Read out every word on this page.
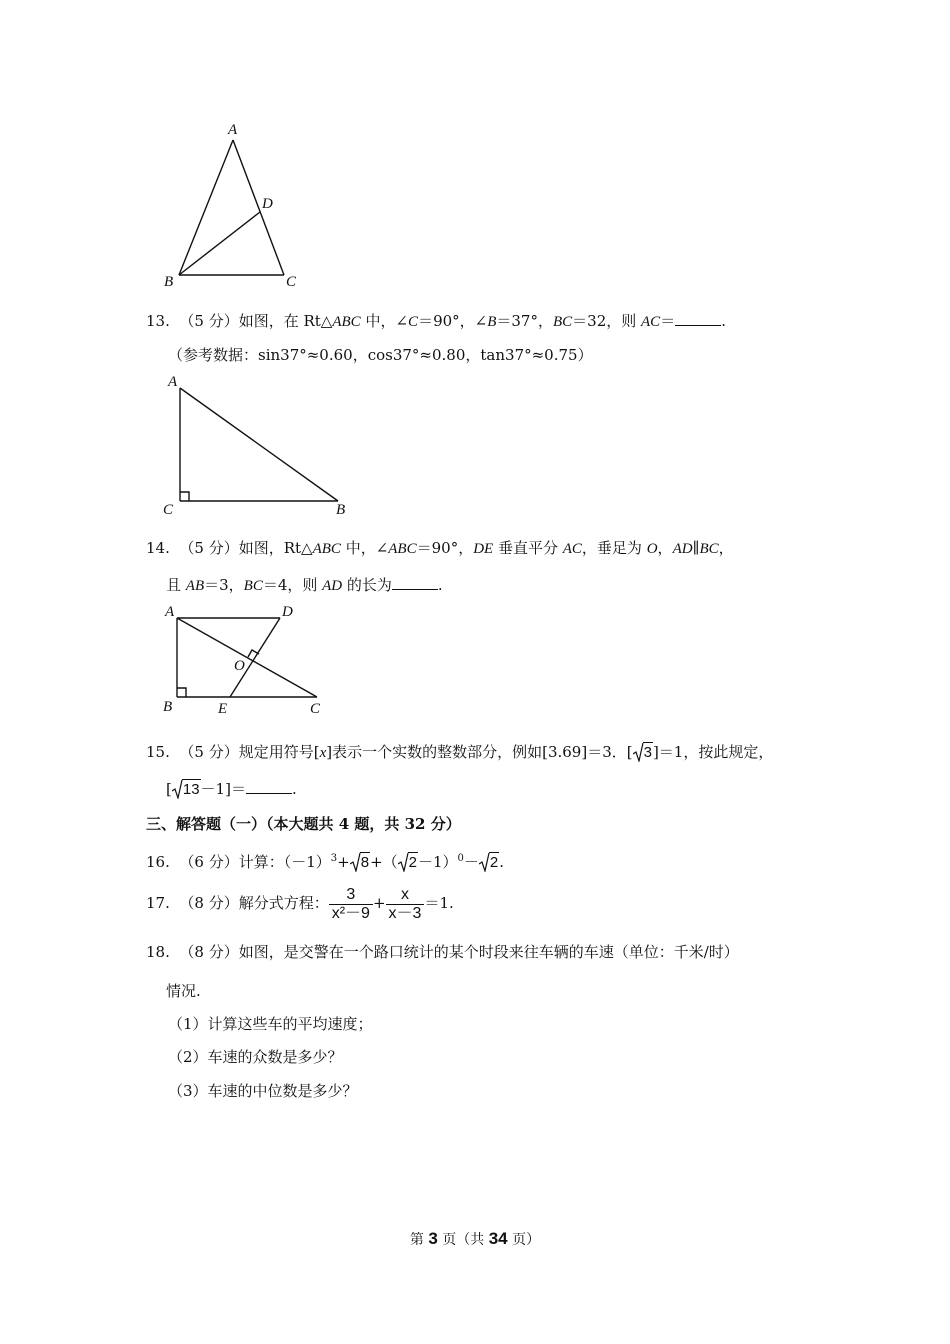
A
D
B	C
13. （5 分）如图，在 Rt△ABC 中，∠C＝90°，∠B＝37°，BC＝32，则 AC＝	.
（参考数据：sin37°≈0.60，cos37°≈0.80，tan37°≈0.75）
A
C	B
14. （5 分）如图，Rt△ABC 中，∠ABC＝90°，DE 垂直平分 AC，垂足为 O，AD∥BC，
且 AB＝3，BC＝4，则 AD 的长为	.
A	D
O
B	E	C
15. （5 分）规定用符号[x]表示一个实数的整数部分，例如[3.69]＝3．[ 3]＝1，按此规定，
[ 13－1]＝	.
三、解答题（一）（本大题共 4 题，共 32 分）
16. （6 分）计算：$(-1)^3+ 8+$（ 2－1）$^0$－ 2.
17. （8 分）解分式方程： $\frac{3}{\text{x²－9}} + \frac{x}{x-3} =1$.
18. （8 分）如图，是交警在一个路口统计的某个时段来往车辆的车速（单位：千米/时）
情况.
（1）计算这些车的平均速度；
（2）车速的众数是多少？
（3）车速的中位数是多少？
第 3 页（共 34 页）
